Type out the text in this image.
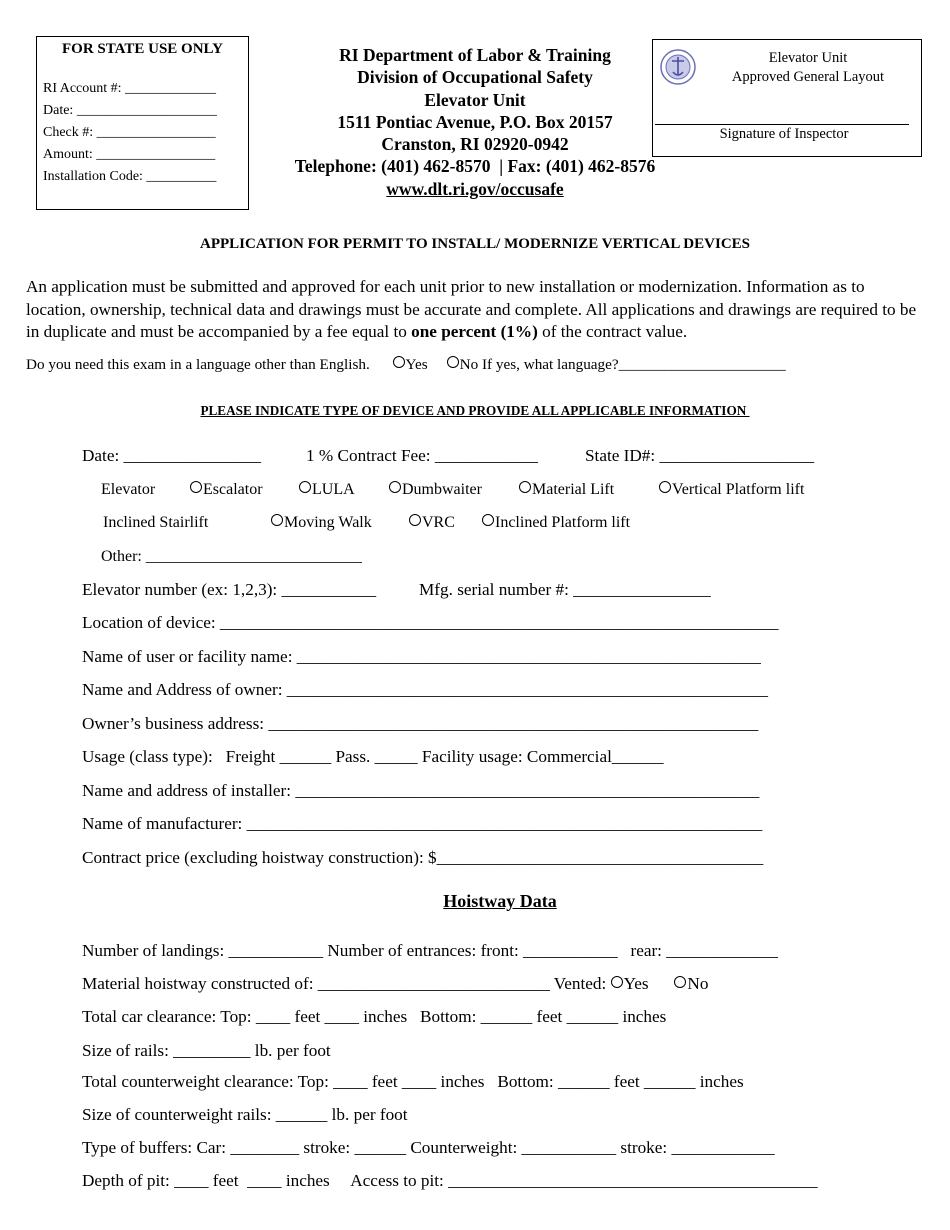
FOR STATE USE ONLY
RI Account #: _____________
Date: ____________________
Check #: _________________
Amount: _________________
Installation Code: __________
RI Department of Labor & Training
Division of Occupational Safety
Elevator Unit
1511 Pontiac Avenue, P.O. Box 20157
Cranston, RI 02920-0942
Telephone: (401) 462-8570  | Fax: (401) 462-8576
www.dlt.ri.gov/occusafe
Elevator Unit
Approved General Layout
Signature of Inspector
APPLICATION FOR PERMIT TO INSTALL/ MODERNIZE VERTICAL DEVICES
An application must be submitted and approved for each unit prior to new installation or modernization. Information as to location, ownership, technical data and drawings must be accurate and complete. All applications and drawings are required to be in duplicate and must be accompanied by a fee equal to one percent (1%) of the contract value.
Do you need this exam in a language other than English. Yes No If yes, what language?______________________
PLEASE INDICATE TYPE OF DEVICE AND PROVIDE ALL APPLICABLE INFORMATION
Date: ________________	1 % Contract Fee: ____________	State ID#: __________________
Elevator	Escalator	LULA	Dumbwaiter	Material Lift	Vertical Platform lift
Inclined Stairlift	Moving Walk	VRC	Inclined Platform lift
Other: ___________________________
Elevator number (ex: 1,2,3): ___________ Mfg. serial number #: ________________
Location of device: _________________________________________________________________
Name of user or facility name: ______________________________________________________
Name and Address of owner: ________________________________________________________
Owner’s business address: _________________________________________________________
Usage (class type):   Freight ______ Pass. _____ Facility usage: Commercial______
Name and address of installer: ______________________________________________________
Name of manufacturer: ____________________________________________________________
Contract price (excluding hoistway construction): $______________________________________
Hoistway Data
Number of landings: ___________ Number of entrances: front: ___________   rear: _____________
Material hoistway constructed of: ___________________________ Vented: Yes No
Total car clearance: Top: ____ feet ____ inches   Bottom: ______ feet ______ inches
Size of rails: _________ lb. per foot
Total counterweight clearance: Top: ____ feet ____ inches   Bottom: ______ feet ______ inches
Size of counterweight rails: ______ lb. per foot
Type of buffers: Car: ________ stroke: ______ Counterweight: ___________ stroke: ____________
Depth of pit: ____ feet  ____ inches     Access to pit: ___________________________________________
